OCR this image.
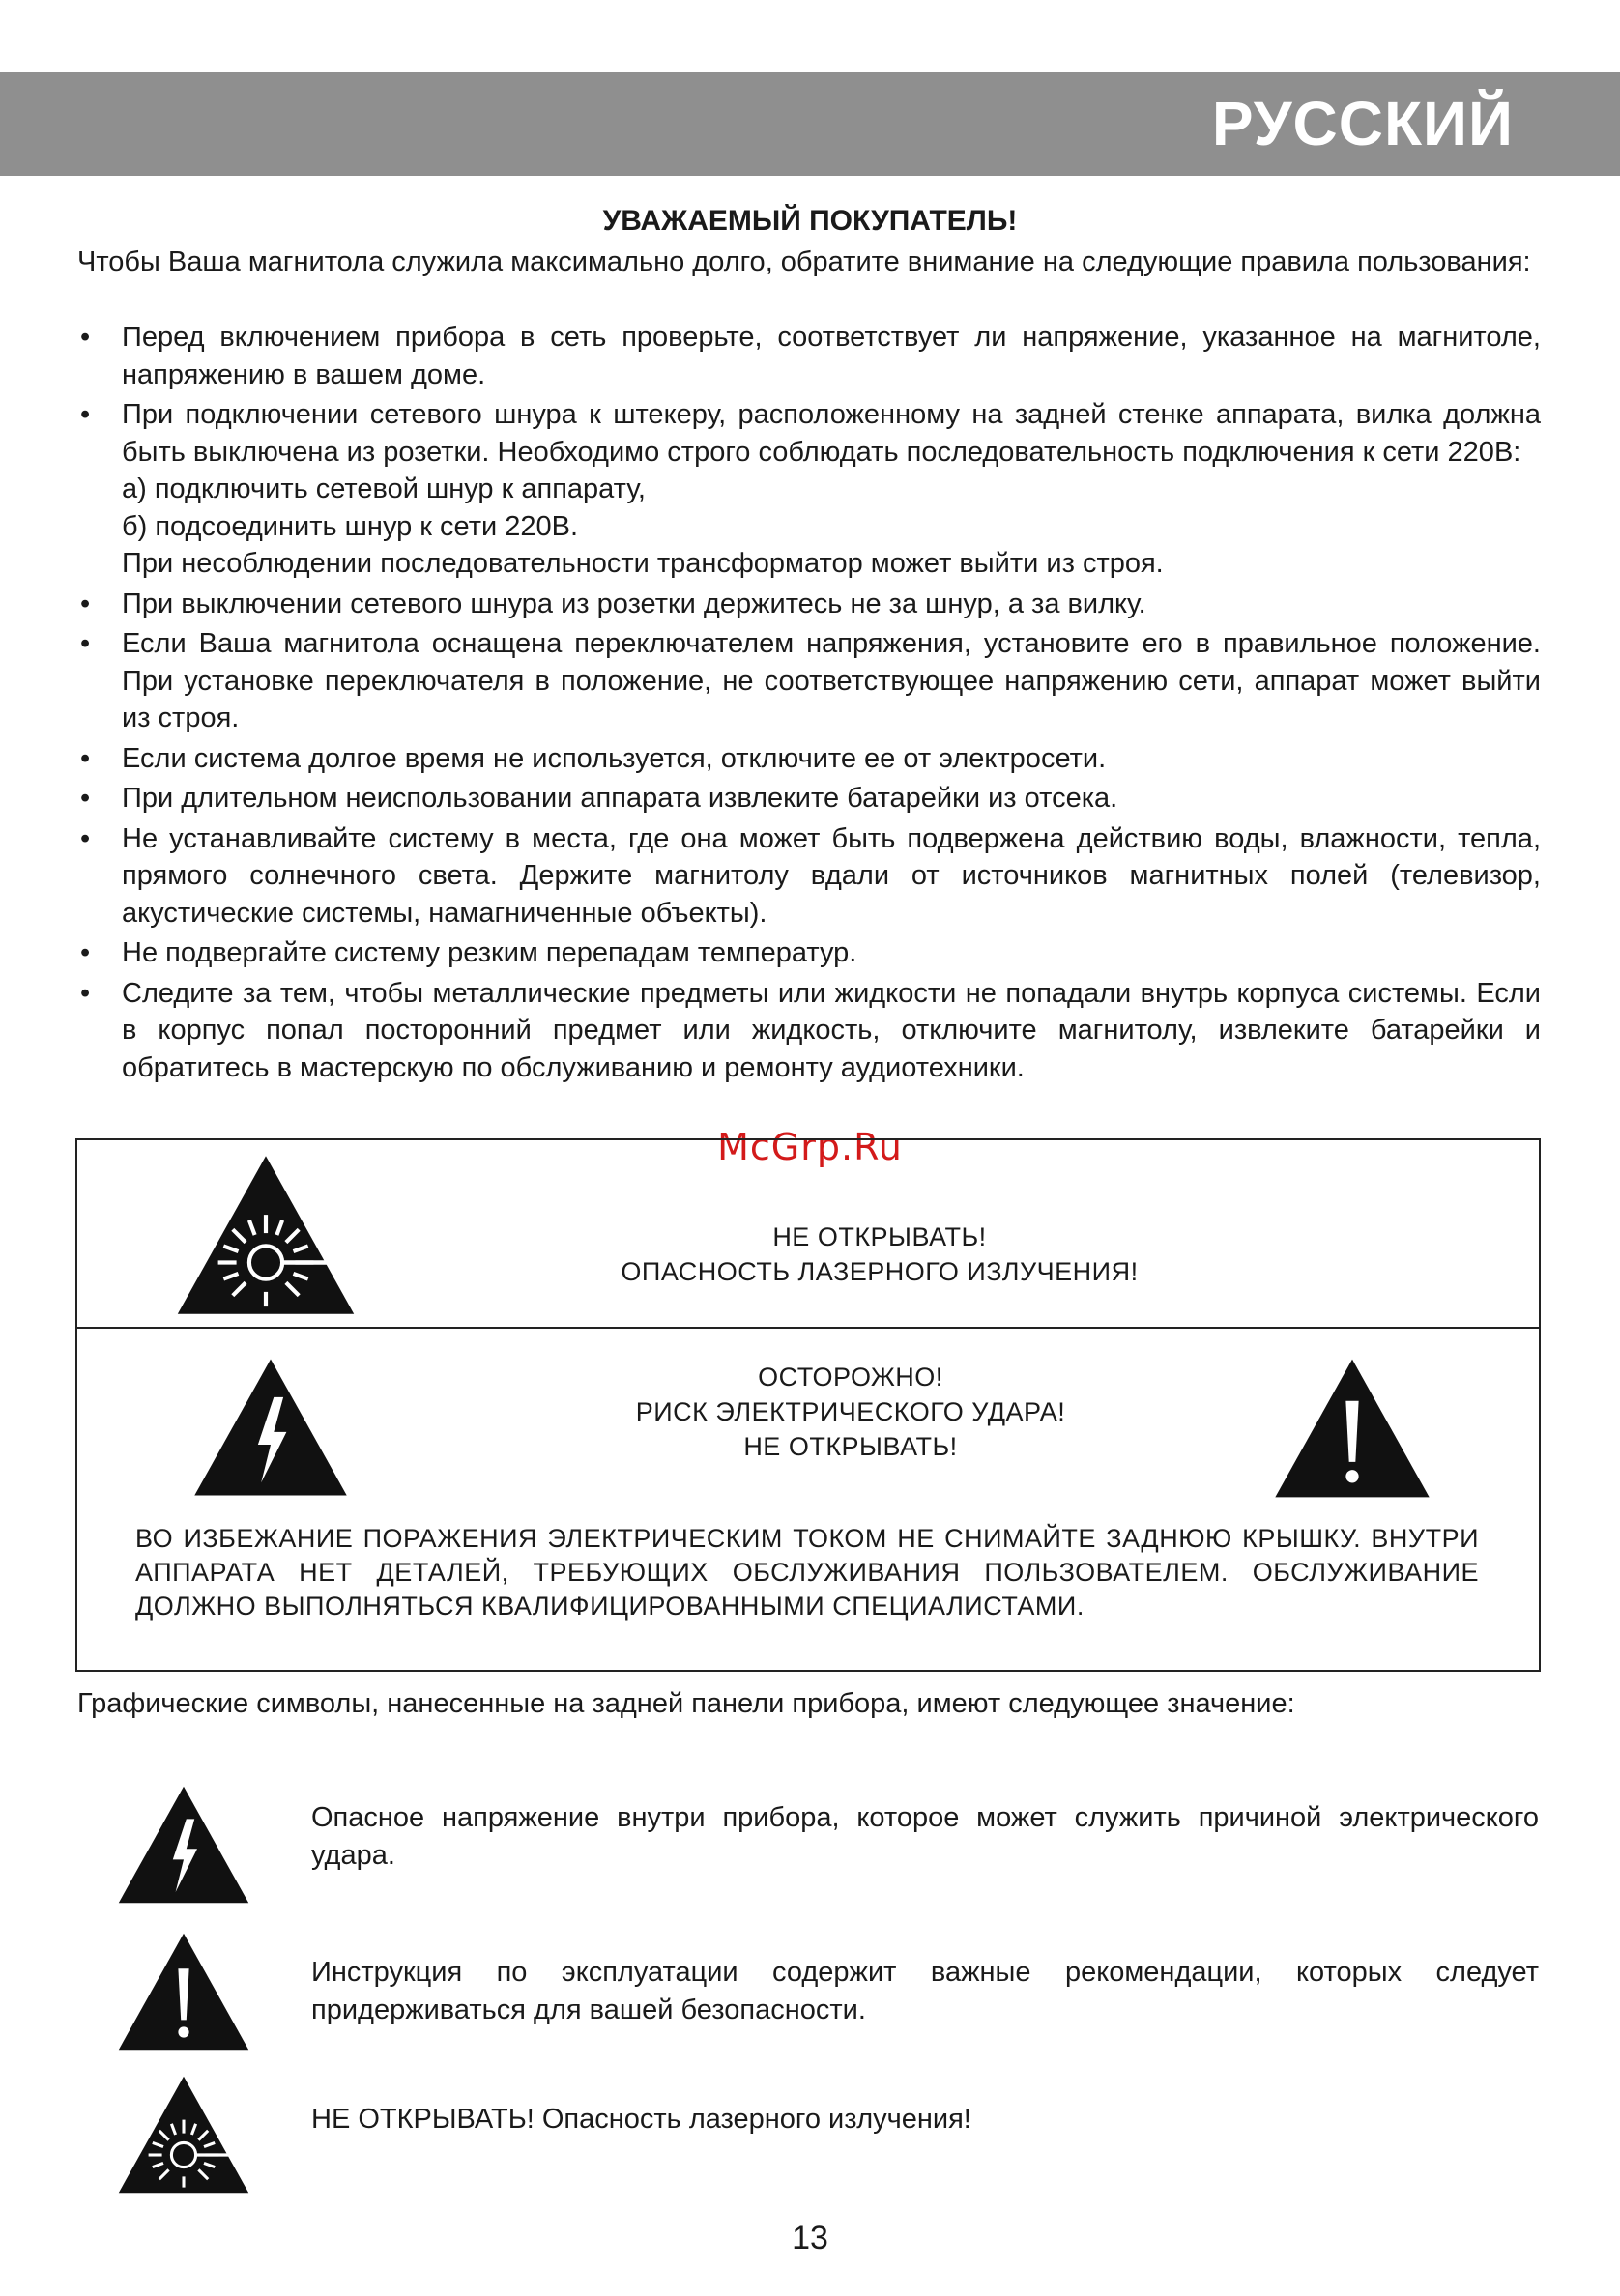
РУССКИЙ
УВАЖАЕМЫЙ ПОКУПАТЕЛЬ!
Чтобы Ваша магнитола служила максимально долго, обратите внимание на следующие правила пользования:
• Перед включением прибора в сеть проверьте, соответствует ли напряжение, указанное на магнитоле, напряжению в вашем доме.
• При подключении сетевого шнура к штекеру, расположенному на задней стенке аппарата, вилка должна быть выключена из розетки. Необходимо строго соблюдать последовательность подключения к сети 220В:
а) подключить сетевой шнур к аппарату,
б) подсоединить шнур к сети 220В.
При несоблюдении последовательности трансформатор может выйти из строя.
• При выключении сетевого шнура из розетки держитесь не за шнур, а за вилку.
• Если Ваша магнитола оснащена переключателем напряжения, установите его в правильное положение. При установке переключателя в положение, не соответствующее напряжению сети, аппарат может выйти из строя.
• Если система долгое время не используется, отключите ее от электросети.
• При длительном неиспользовании аппарата извлеките батарейки из отсека.
• Не устанавливайте систему в места, где она может быть подвержена действию воды, влажности, тепла, прямого солнечного света. Держите магнитолу вдали от источников магнитных полей (телевизор, акустические системы, намагниченные объекты).
• Не подвергайте систему резким перепадам температур.
• Следите за тем, чтобы металлические предметы или жидкости не попадали внутрь корпуса системы. Если в корпус попал посторонний предмет или жидкость, отключите магнитолу, извлеките батарейки и обратитесь в мастерскую по обслуживанию и ремонту аудиотехники.
McGrp.Ru
НЕ ОТКРЫВАТЬ!
ОПАСНОСТЬ ЛАЗЕРНОГО ИЗЛУЧЕНИЯ!
ОСТОРОЖНО!
РИСК ЭЛЕКТРИЧЕСКОГО УДАРА!
НЕ ОТКРЫВАТЬ!
ВО ИЗБЕЖАНИЕ ПОРАЖЕНИЯ ЭЛЕКТРИЧЕСКИМ ТОКОМ НЕ СНИМАЙТЕ ЗАДНЮЮ КРЫШКУ. ВНУТРИ АППАРАТА НЕТ ДЕТАЛЕЙ, ТРЕБУЮЩИХ ОБСЛУЖИВАНИЯ ПОЛЬЗОВАТЕЛЕМ. ОБСЛУЖИВАНИЕ ДОЛЖНО ВЫПОЛНЯТЬСЯ КВАЛИФИЦИРОВАННЫМИ СПЕЦИАЛИСТАМИ.
Графические символы, нанесенные на задней панели прибора, имеют следующее значение:
Опасное напряжение внутри прибора, которое может служить причиной электрического удара.
Инструкция по эксплуатации содержит важные рекомендации, которых следует придерживаться для вашей безопасности.
НЕ ОТКРЫВАТЬ! Опасность лазерного излучения!
13
